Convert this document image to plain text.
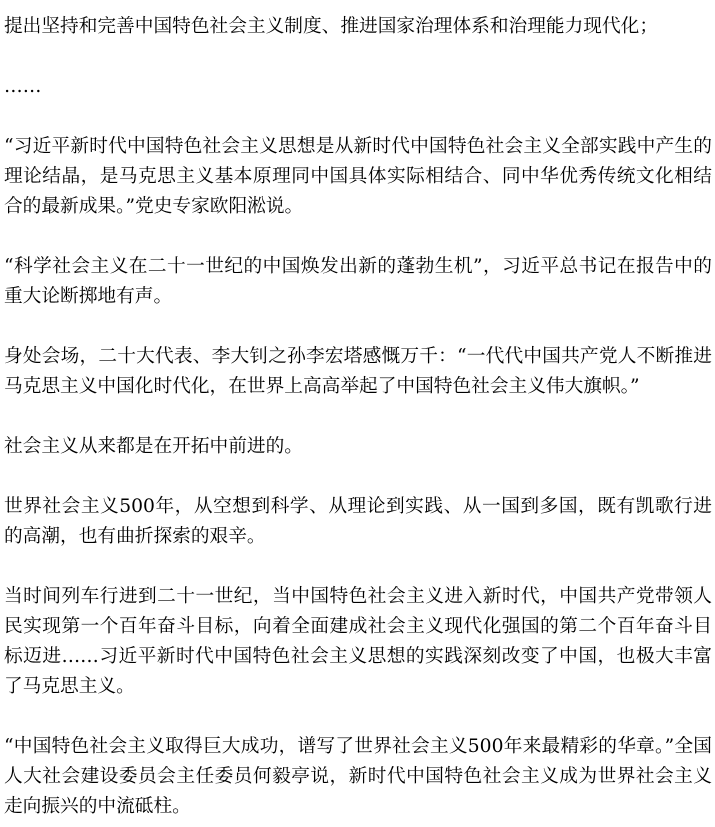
提出坚持和完善中国特色社会主义制度、推进国家治理体系和治理能力现代化；

……

“习近平新时代中国特色社会主义思想是从新时代中国特色社会主义全部实践中产生的理论结晶，是马克思主义基本原理同中国具体实际相结合、同中华优秀传统文化相结合的最新成果。”党史专家欧阳淞说。

“科学社会主义在二十一世纪的中国焕发出新的蓬勃生机”，习近平总书记在报告中的重大论断掷地有声。

身处会场，二十大代表、李大钊之孙李宏塔感慨万千：“一代代中国共产党人不断推进马克思主义中国化时代化，在世界上高高举起了中国特色社会主义伟大旗帜。”

社会主义从来都是在开拓中前进的。

世界社会主义500年，从空想到科学、从理论到实践、从一国到多国，既有凯歌行进的高潮，也有曲折探索的艰辛。

当时间列车行进到二十一世纪，当中国特色社会主义进入新时代，中国共产党带领人民实现第一个百年奋斗目标，向着全面建成社会主义现代化强国的第二个百年奋斗目标迈进……习近平新时代中国特色社会主义思想的实践深刻改变了中国，也极大丰富了马克思主义。

“中国特色社会主义取得巨大成功，谱写了世界社会主义500年来最精彩的华章。”全国人大社会建设委员会主任委员何毅亭说，新时代中国特色社会主义成为世界社会主义走向振兴的中流砥柱。
